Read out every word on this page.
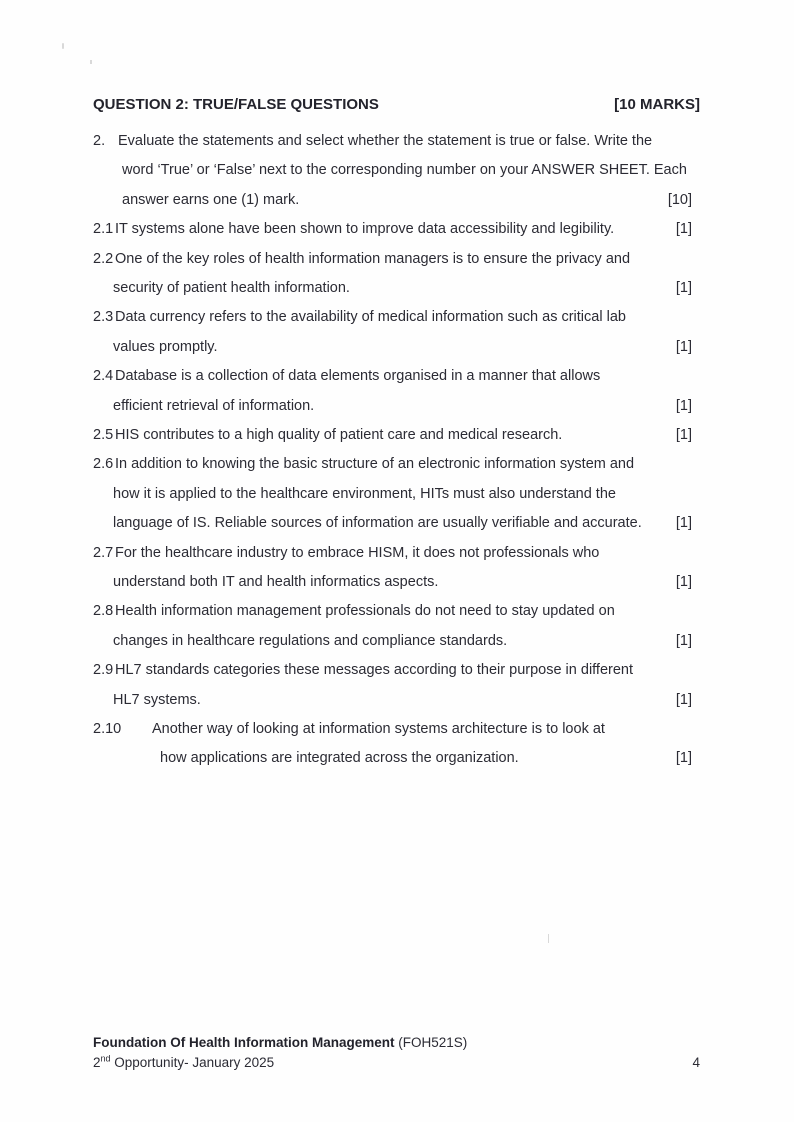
QUESTION 2: TRUE/FALSE QUESTIONS	[10 MARKS]
2. Evaluate the statements and select whether the statement is true or false. Write the
word ‘True’ or ‘False’ next to the corresponding number on your ANSWER SHEET. Each
answer earns one (1) mark.	[10]
2.1 IT systems alone have been shown to improve data accessibility and legibility.	[1]
2.2 One of the key roles of health information managers is to ensure the privacy and
security of patient health information.	[1]
2.3 Data currency refers to the availability of medical information such as critical lab
values promptly.	[1]
2.4 Database is a collection of data elements organised in a manner that allows
efficient retrieval of information.	[1]
2.5 HIS contributes to a high quality of patient care and medical research.	[1]
2.6 In addition to knowing the basic structure of an electronic information system and
how it is applied to the healthcare environment, HITs must also understand the
language of IS. Reliable sources of information are usually verifiable and accurate. [1]
2.7 For the healthcare industry to embrace HISM, it does not professionals who
understand both IT and health informatics aspects.	[1]
2.8 Health information management professionals do not need to stay updated on
changes in healthcare regulations and compliance standards.	[1]
2.9 HL7 standards categories these messages according to their purpose in different
HL7 systems.	[1]
2.10 Another way of looking at information systems architecture is to look at
how applications are integrated across the organization.	[1]
Foundation Of Health Information Management (FOH521S)
2nd Opportunity- January 2025	4
